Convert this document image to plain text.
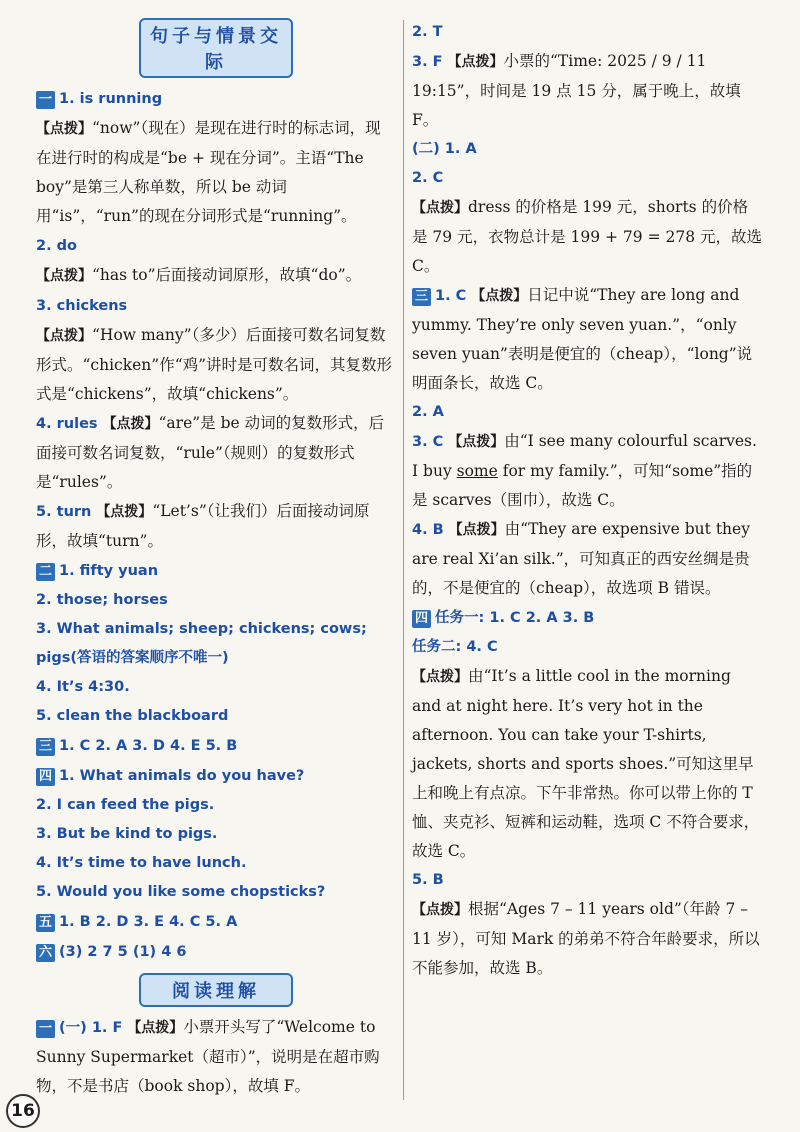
句子与情景交际

一 1. is running

【点拨】“now”（现在）是现在进行时的标志词，现在进行时的构成是“be + 现在分词”。主语“The boy”是第三人称单数，所以 be 动词用“is”，“run”的现在分词形式是“running”。

2. do

【点拨】“has to”后面接动词原形，故填“do”。

3. chickens

【点拨】“How many”（多少）后面接可数名词复数形式。“chicken”作“鸡”讲时是可数名词，其复数形式是“chickens”，故填“chickens”。

4. rules 【点拨】“are”是 be 动词的复数形式，后面接可数名词复数，“rule”（规则）的复数形式是“rules”。

5. turn 【点拨】“Let’s”（让我们）后面接动词原形，故填“turn”。

二 1. fifty yuan

2. those; horses

3. What animals; sheep; chickens; cows; pigs(答语的答案顺序不唯一)

4. It’s 4:30.

5. clean the blackboard

三 1. C 2. A 3. D 4. E 5. B

四 1. What animals do you have?

2. I can feed the pigs.

3. But be kind to pigs.

4. It’s time to have lunch.

5. Would you like some chopsticks?

五 1. B 2. D 3. E 4. C 5. A

六 (3) 2 7 5 (1) 4 6

阅读理解

一 (一) 1. F 【点拨】小票开头写了“Welcome to Sunny Supermarket（超市）”，说明是在超市购物，不是书店（book shop），故填 F。

2. T

3. F 【点拨】小票的“Time: 2025 / 9 / 11 19:15”，时间是 19 点 15 分，属于晚上，故填 F。

(二) 1. A

2. C

【点拨】dress 的价格是 199 元，shorts 的价格是 79 元，衣物总计是 199 + 79 = 278 元，故选 C。

三 1. C 【点拨】日记中说“They are long and yummy. They’re only seven yuan.”，“only seven yuan”表明是便宜的（cheap），“long”说明面条长，故选 C。

2. A

3. C 【点拨】由“I see many colourful scarves. I buy some for my family.”，可知“some”指的是 scarves（围巾），故选 C。

4. B 【点拨】由“They are expensive but they are real Xi’an silk.”，可知真正的西安丝绸是贵的，不是便宜的（cheap），故选项 B 错误。

四 任务一: 1. C 2. A 3. B

任务二: 4. C

【点拨】由“It’s a little cool in the morning and at night here. It’s very hot in the afternoon. You can take your T-shirts, jackets, shorts and sports shoes.”可知这里早上和晚上有点凉。下午非常热。你可以带上你的 T 恤、夹克衫、短裤和运动鞋，选项 C 不符合要求，故选 C。

5. B

【点拨】根据“Ages 7 – 11 years old”（年龄 7 – 11 岁），可知 Mark 的弟弟不符合年龄要求，所以不能参加，故选 B。

16
